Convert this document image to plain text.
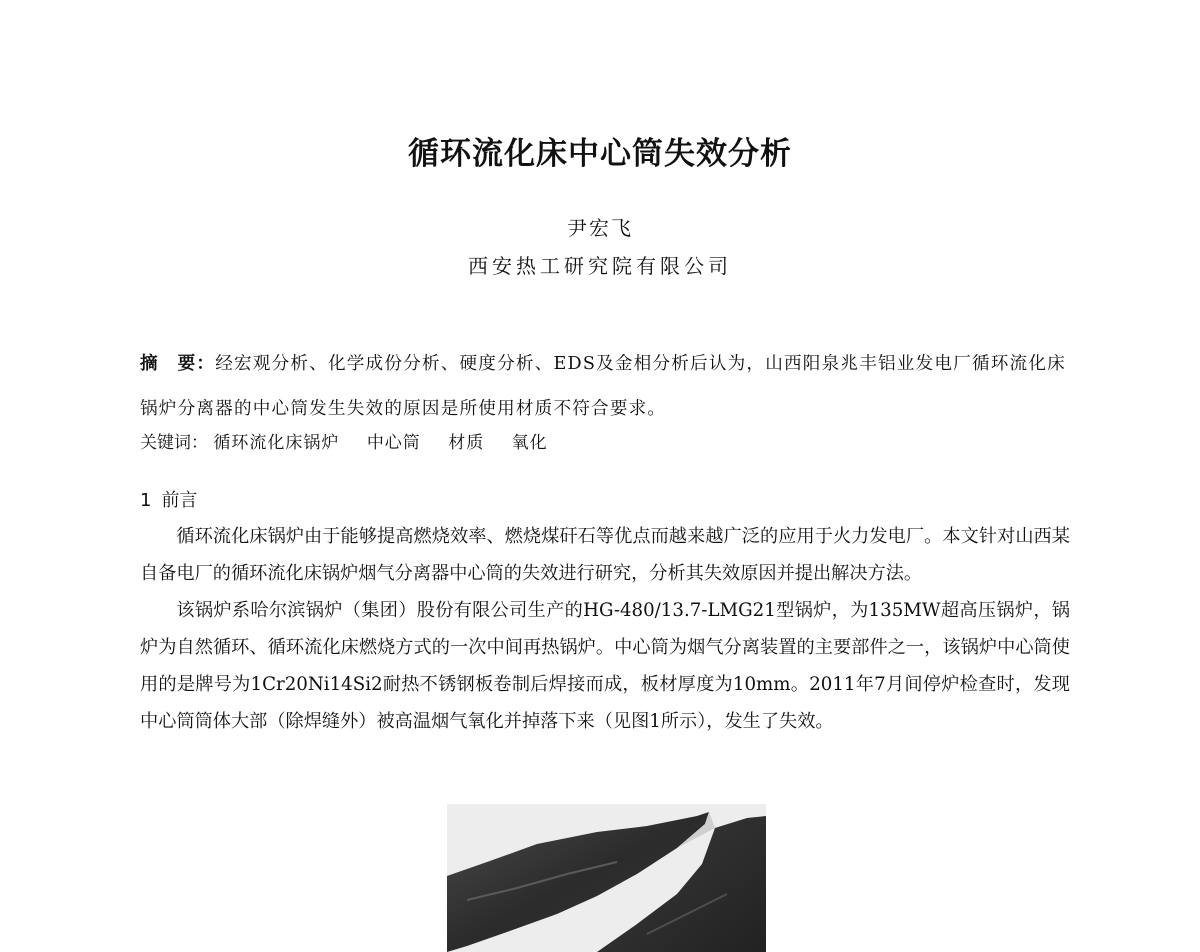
循环流化床中心筒失效分析
尹宏飞
西安热工研究院有限公司
摘　要：经宏观分析、化学成份分析、硬度分析、EDS及金相分析后认为，山西阳泉兆丰铝业发电厂循环流化床锅炉分离器的中心筒发生失效的原因是所使用材质不符合要求。
关键词： 循环流化床锅炉 中心筒 材质 氧化
1 前言

循环流化床锅炉由于能够提高燃烧效率、燃烧煤矸石等优点而越来越广泛的应用于火力发电厂。本文针对山西某自备电厂的循环流化床锅炉烟气分离器中心筒的失效进行研究，分析其失效原因并提出解决方法。

该锅炉系哈尔滨锅炉（集团）股份有限公司生产的HG-480/13.7-LMG21型锅炉，为135MW超高压锅炉，锅炉为自然循环、循环流化床燃烧方式的一次中间再热锅炉。中心筒为烟气分离装置的主要部件之一，该锅炉中心筒使用的是牌号为1Cr20Ni14Si2耐热不锈钢板卷制后焊接而成，板材厚度为10mm。2011年7月间停炉检查时，发现中心筒筒体大部（除焊缝外）被高温烟气氧化并掉落下来（见图1所示），发生了失效。
